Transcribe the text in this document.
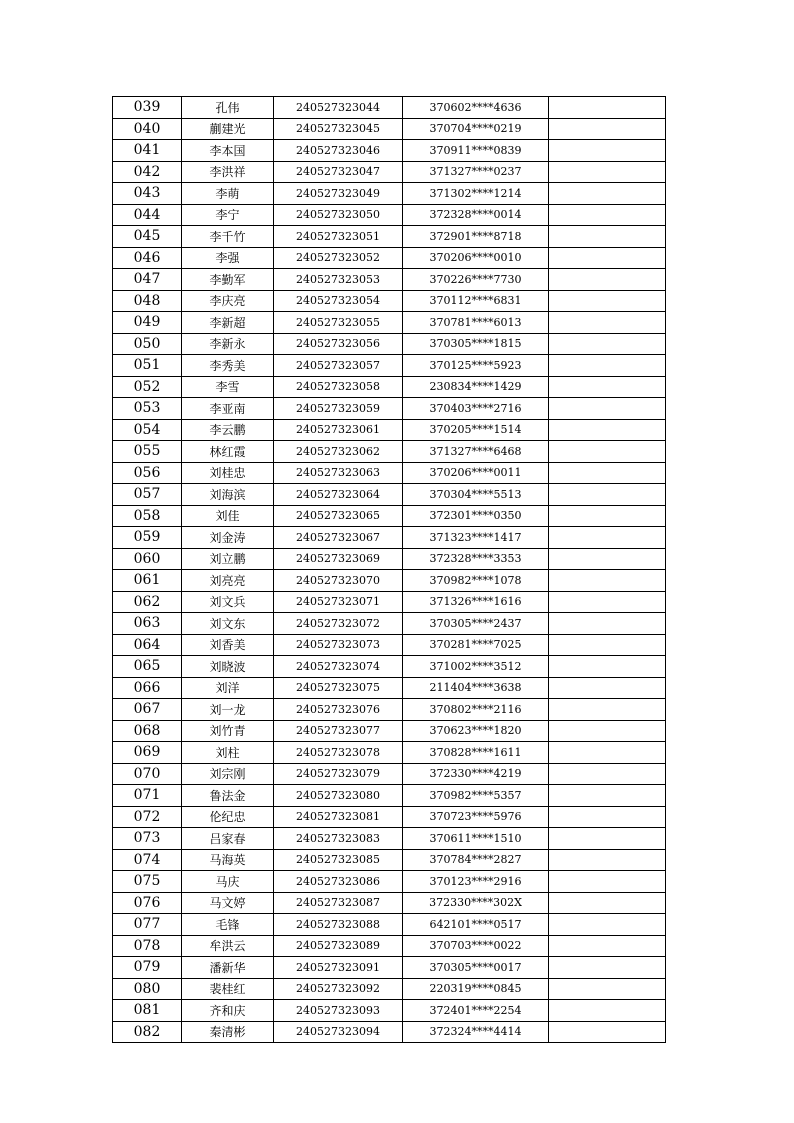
039	孔伟	240527323044	370602****4636	
040	蒯建光	240527323045	370704****0219	
041	李本国	240527323046	370911****0839	
042	李洪祥	240527323047	371327****0237	
043	李萌	240527323049	371302****1214	
044	李宁	240527323050	372328****0014	
045	李千竹	240527323051	372901****8718	
046	李强	240527323052	370206****0010	
047	李勤军	240527323053	370226****7730	
048	李庆亮	240527323054	370112****6831	
049	李新超	240527323055	370781****6013	
050	李新永	240527323056	370305****1815	
051	李秀美	240527323057	370125****5923	
052	李雪	240527323058	230834****1429	
053	李亚南	240527323059	370403****2716	
054	李云鹏	240527323061	370205****1514	
055	林红霞	240527323062	371327****6468	
056	刘桂忠	240527323063	370206****0011	
057	刘海滨	240527323064	370304****5513	
058	刘佳	240527323065	372301****0350	
059	刘金涛	240527323067	371323****1417	
060	刘立鹏	240527323069	372328****3353	
061	刘亮亮	240527323070	370982****1078	
062	刘文兵	240527323071	371326****1616	
063	刘文东	240527323072	370305****2437	
064	刘香美	240527323073	370281****7025	
065	刘晓波	240527323074	371002****3512	
066	刘洋	240527323075	211404****3638	
067	刘一龙	240527323076	370802****2116	
068	刘竹青	240527323077	370623****1820	
069	刘柱	240527323078	370828****1611	
070	刘宗刚	240527323079	372330****4219	
071	鲁法金	240527323080	370982****5357	
072	伦纪忠	240527323081	370723****5976	
073	吕家春	240527323083	370611****1510	
074	马海英	240527323085	370784****2827	
075	马庆	240527323086	370123****2916	
076	马文婷	240527323087	372330****302X	
077	毛锋	240527323088	642101****0517	
078	牟洪云	240527323089	370703****0022	
079	潘新华	240527323091	370305****0017	
080	裴桂红	240527323092	220319****0845	
081	齐和庆	240527323093	372401****2254	
082	秦清彬	240527323094	372324****4414	
